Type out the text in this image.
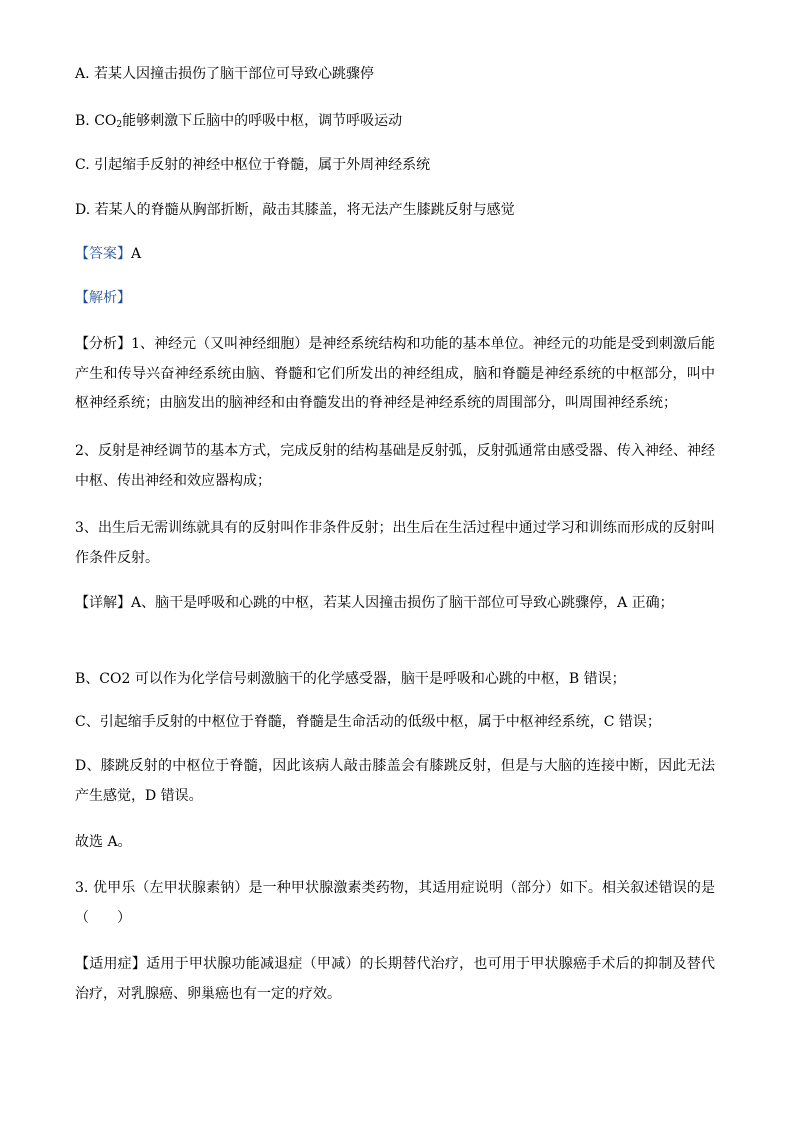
A. 若某人因撞击损伤了脑干部位可导致心跳骤停
B. $CO_2$能够刺激下丘脑中的呼吸中枢，调节呼吸运动
C. 引起缩手反射的神经中枢位于脊髓，属于外周神经系统
D. 若某人的脊髓从胸部折断，敲击其膝盖，将无法产生膝跳反射与感觉
【答案】A
【解析】
【分析】1、神经元（又叫神经细胞）是神经系统结构和功能的基本单位。神经元的功能是受到刺激后能产生和传导兴奋神经系统由脑、脊髓和它们所发出的神经组成，脑和脊髓是神经系统的中枢部分，叫中枢神经系统；由脑发出的脑神经和由脊髓发出的脊神经是神经系统的周围部分，叫周围神经系统；
2、反射是神经调节的基本方式，完成反射的结构基础是反射弧，反射弧通常由感受器、传入神经、神经中枢、传出神经和效应器构成；
3、出生后无需训练就具有的反射叫作非条件反射；出生后在生活过程中通过学习和训练而形成的反射叫作条件反射。
【详解】A、脑干是呼吸和心跳的中枢，若某人因撞击损伤了脑干部位可导致心跳骤停，A 正确；
B、CO2 可以作为化学信号刺激脑干的化学感受器，脑干是呼吸和心跳的中枢，B 错误；
C、引起缩手反射的中枢位于脊髓，脊髓是生命活动的低级中枢，属于中枢神经系统，C 错误；
D、膝跳反射的中枢位于脊髓，因此该病人敲击膝盖会有膝跳反射，但是与大脑的连接中断，因此无法产生感觉，D 错误。
故选 A。
3. 优甲乐（左甲状腺素钠）是一种甲状腺激素类药物，其适用症说明（部分）如下。相关叙述错误的是（　　）
【适用症】适用于甲状腺功能减退症（甲减）的长期替代治疗，也可用于甲状腺癌手术后的抑制及替代治疗，对乳腺癌、卵巢癌也有一定的疗效。
